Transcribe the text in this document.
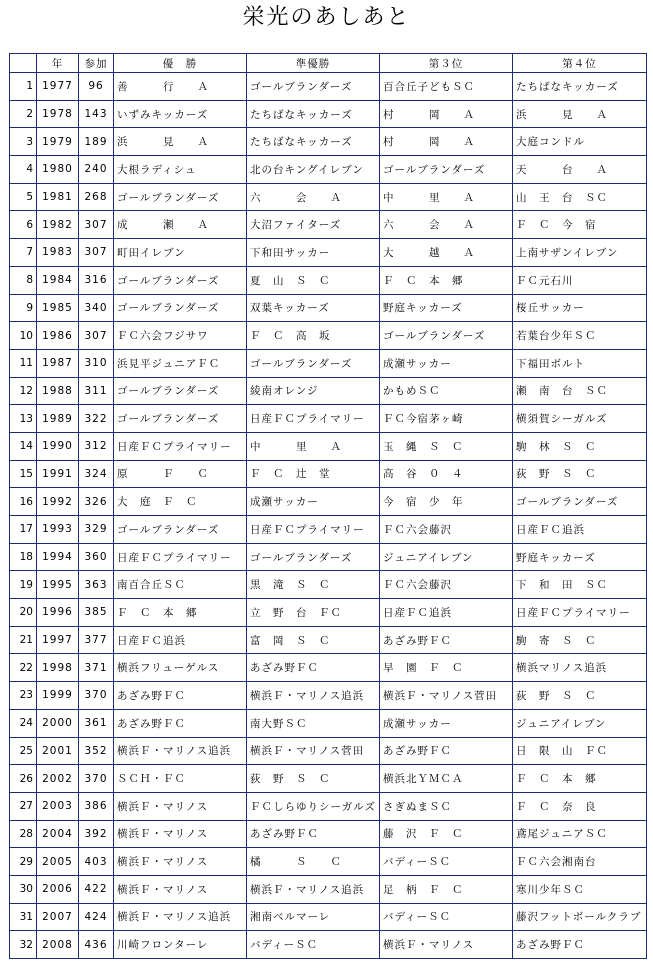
栄光のあしあと
	年	参加	優　勝	準優勝	第３位	第４位
1	1977	96	善　　　行　　Ａ	ゴールブランダーズ	百合丘子どもＳＣ	たちばなキッカーズ
2	1978	143	いずみキッカーズ	たちばなキッカーズ	村　　　岡　　Ａ	浜　　　見　　Ａ
3	1979	189	浜　　　見　　Ａ	たちばなキッカーズ	村　　　岡　　Ａ	大庭コンドル
4	1980	240	大根ラディシュ	北の台キングイレブン	ゴールブランダーズ	天　　　台　　Ａ
5	1981	268	ゴールブランダーズ	六　　　会　　Ａ	中　　　里　　Ａ	山　王　台　ＳＣ
6	1982	307	成　　　瀬　　Ａ	大沼ファイターズ	六　　　会　　Ａ	Ｆ　Ｃ　今　宿
7	1983	307	町田イレブン	下和田サッカー	大　　　越　　Ａ	上南サザンイレブン
8	1984	316	ゴールブランダーズ	夏　山　Ｓ　Ｃ	Ｆ　Ｃ　本　郷	ＦＣ元石川
9	1985	340	ゴールブランダーズ	双葉キッカーズ	野庭キッカーズ	桜丘サッカー
10	1986	307	ＦＣ六会フジサワ	Ｆ　Ｃ　高　坂	ゴールブランダーズ	若葉台少年ＳＣ
11	1987	310	浜見平ジュニアＦＣ	ゴールブランダーズ	成瀬サッカー	下福田ボルト
12	1988	311	ゴールブランダーズ	綾南オレンジ	かもめＳＣ	瀬　南　台　ＳＣ
13	1989	322	ゴールブランダーズ	日産ＦＣプライマリー	ＦＣ今宿茅ヶ崎	横須賀シーガルズ
14	1990	312	日産ＦＣプライマリー	中　　　里　　Ａ	玉　縄　Ｓ　Ｃ	駒　林　Ｓ　Ｃ
15	1991	324	原　　　Ｆ　　Ｃ	Ｆ　Ｃ　辻　堂	高　谷　０　４	荻　野　Ｓ　Ｃ
16	1992	326	大　庭　Ｆ　Ｃ	成瀬サッカー	今　宿　少　年	ゴールブランダーズ
17	1993	329	ゴールブランダーズ	日産ＦＣプライマリー	ＦＣ六会藤沢	日産ＦＣ追浜
18	1994	360	日産ＦＣプライマリー	ゴールブランダーズ	ジュニアイレブン	野庭キッカーズ
19	1995	363	南百合丘ＳＣ	黒　滝　Ｓ　Ｃ	ＦＣ六会藤沢	下　和　田　ＳＣ
20	1996	385	Ｆ　Ｃ　本　郷	立　野　台　ＦＣ	日産ＦＣ追浜	日産ＦＣプライマリー
21	1997	377	日産ＦＣ追浜	富　岡　Ｓ　Ｃ	あざみ野ＦＣ	駒　寄　Ｓ　Ｃ
22	1998	371	横浜フリューゲルス	あざみ野ＦＣ	早　園　Ｆ　Ｃ	横浜マリノス追浜
23	1999	370	あざみ野ＦＣ	横浜Ｆ・マリノス追浜	横浜Ｆ・マリノス菅田	荻　野　Ｓ　Ｃ
24	2000	361	あざみ野ＦＣ	南大野ＳＣ	成瀬サッカー	ジュニアイレブン
25	2001	352	横浜Ｆ・マリノス追浜	横浜Ｆ・マリノス菅田	あざみ野ＦＣ	日　限　山　ＦＣ
26	2002	370	ＳＣＨ・ＦＣ	荻　野　Ｓ　Ｃ	横浜北ＹＭＣＡ	Ｆ　Ｃ　本　郷
27	2003	386	横浜Ｆ・マリノス	ＦＣしらゆりシーガルズ	さぎぬまＳＣ	Ｆ　Ｃ　奈　良
28	2004	392	横浜Ｆ・マリノス	あざみ野ＦＣ	藤　沢　Ｆ　Ｃ	鳶尾ジュニアＳＣ
29	2005	403	横浜Ｆ・マリノス	橘　　　Ｓ　　Ｃ	バディーＳＣ	ＦＣ六会湘南台
30	2006	422	横浜Ｆ・マリノス	横浜Ｆ・マリノス追浜	足　柄　Ｆ　Ｃ	寒川少年ＳＣ
31	2007	424	横浜Ｆ・マリノス追浜	湘南ベルマーレ	バディーＳＣ	藤沢フットボールクラブ
32	2008	436	川崎フロンターレ	バディーＳＣ	横浜Ｆ・マリノス	あざみ野ＦＣ
